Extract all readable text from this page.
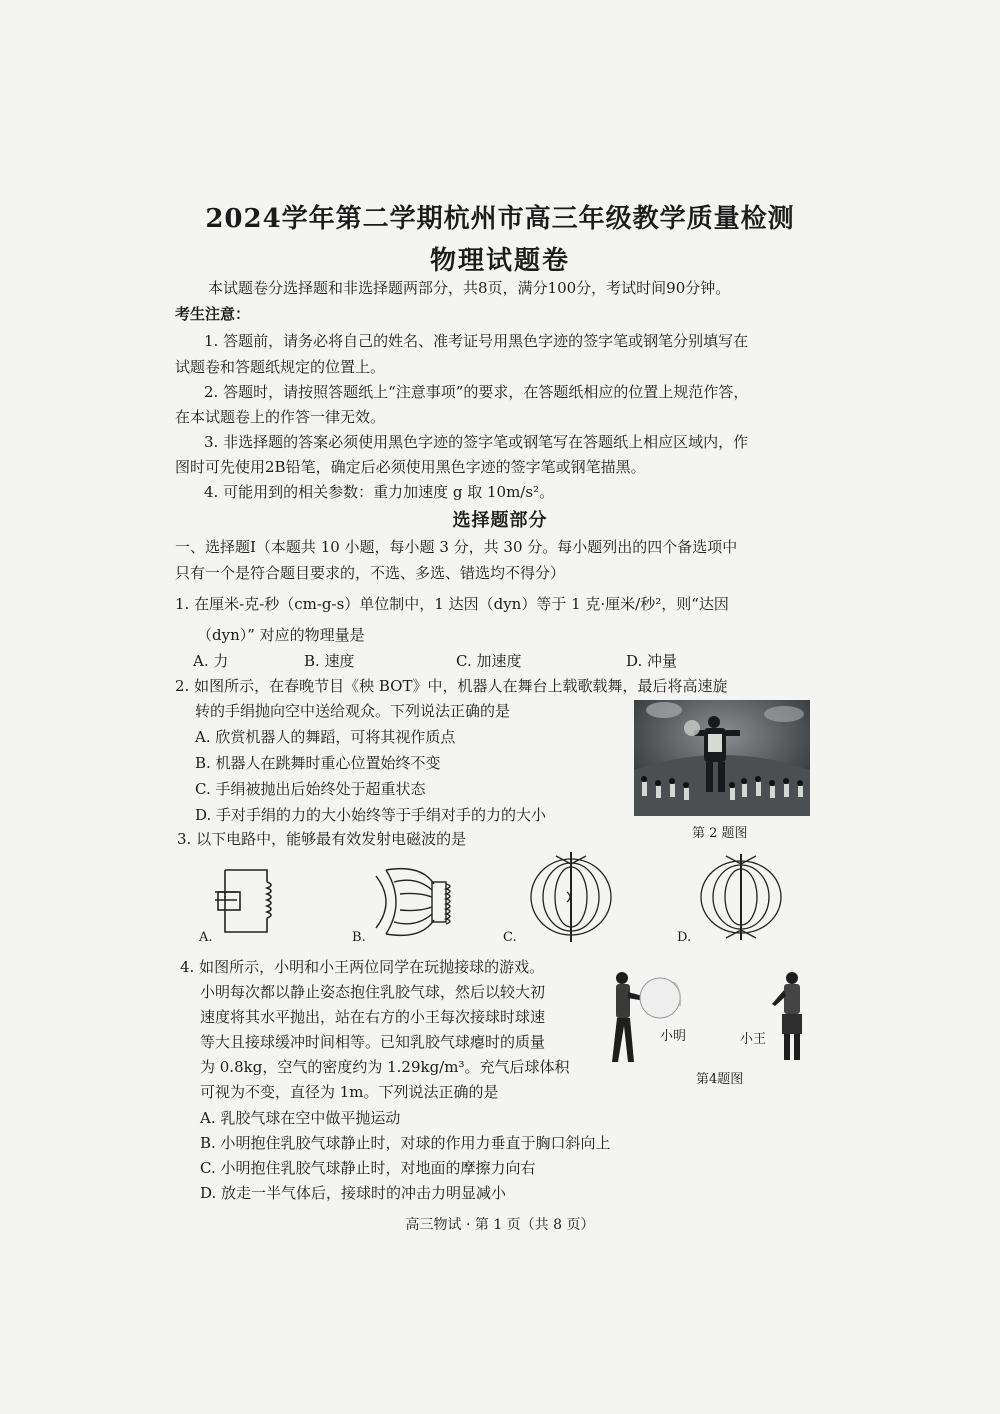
2024学年第二学期杭州市高三年级教学质量检测
物理试题卷
本试题卷分选择题和非选择题两部分，共8页，满分100分，考试时间90分钟。
考生注意：
1. 答题前，请务必将自己的姓名、准考证号用黑色字迹的签字笔或钢笔分别填写在
试题卷和答题纸规定的位置上。
2. 答题时，请按照答题纸上“注意事项”的要求，在答题纸相应的位置上规范作答，
在本试题卷上的作答一律无效。
3. 非选择题的答案必须使用黑色字迹的签字笔或钢笔写在答题纸上相应区域内，作
图时可先使用2B铅笔，确定后必须使用黑色字迹的签字笔或钢笔描黑。
4. 可能用到的相关参数：重力加速度 g 取 10m/s²。
选择题部分
一、选择题Ⅰ（本题共 10 小题，每小题 3 分，共 30 分。每小题列出的四个备选项中
只有一个是符合题目要求的，不选、多选、错选均不得分）
1. 在厘米-克-秒（cm-g-s）单位制中，1 达因（dyn）等于 1 克·厘米/秒²，则“达因
（dyn）” 对应的物理量是
A. 力	B. 速度	C. 加速度	D. 冲量
2. 如图所示，在春晚节目《秧 BOT》中，机器人在舞台上载歌载舞，最后将高速旋
转的手绢抛向空中送给观众。下列说法正确的是
A. 欣赏机器人的舞蹈，可将其视作质点
B. 机器人在跳舞时重心位置始终不变
C. 手绢被抛出后始终处于超重状态
D. 手对手绢的力的大小始终等于手绢对手的力的大小
第 2 题图
3. 以下电路中，能够最有效发射电磁波的是
A.	B.	C.	D.
4. 如图所示，小明和小王两位同学在玩抛接球的游戏。
小明每次都以静止姿态抱住乳胶气球，然后以较大初
速度将其水平抛出，站在右方的小王每次接球时球速
等大且接球缓冲时间相等。已知乳胶气球瘪时的质量
为 0.8kg，空气的密度约为 1.29kg/m³。充气后球体积
可视为不变，直径为 1m。下列说法正确的是
A. 乳胶气球在空中做平抛运动
B. 小明抱住乳胶气球静止时，对球的作用力垂直于胸口斜向上
C. 小明抱住乳胶气球静止时，对地面的摩擦力向右
D. 放走一半气体后，接球时的冲击力明显减小
小明	小王
第4题图
高三物试 · 第 1 页（共 8 页）
